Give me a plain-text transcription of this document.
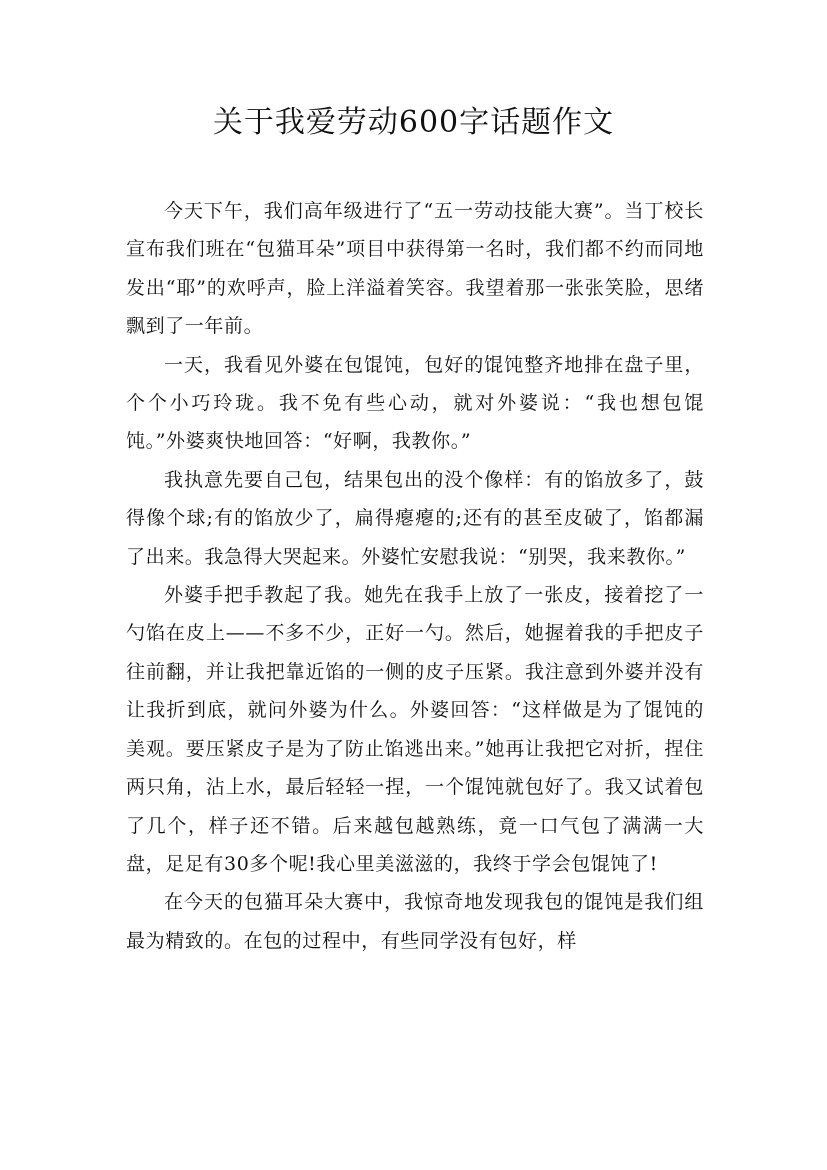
关于我爱劳动600字话题作文

今天下午，我们高年级进行了“五一劳动技能大赛”。当丁校长宣布我们班在“包猫耳朵”项目中获得第一名时，我们都不约而同地发出“耶”的欢呼声，脸上洋溢着笑容。我望着那一张张笑脸，思绪飘到了一年前。

一天，我看见外婆在包馄饨，包好的馄饨整齐地排在盘子里，个个小巧玲珑。我不免有些心动，就对外婆说：“我也想包馄饨。”外婆爽快地回答：“好啊，我教你。”

我执意先要自己包，结果包出的没个像样：有的馅放多了，鼓得像个球;有的馅放少了，扁得瘪瘪的;还有的甚至皮破了，馅都漏了出来。我急得大哭起来。外婆忙安慰我说：“别哭，我来教你。”

外婆手把手教起了我。她先在我手上放了一张皮，接着挖了一勺馅在皮上——不多不少，正好一勺。然后，她握着我的手把皮子往前翻，并让我把靠近馅的一侧的皮子压紧。我注意到外婆并没有让我折到底，就问外婆为什么。外婆回答：“这样做是为了馄饨的美观。要压紧皮子是为了防止馅逃出来。”她再让我把它对折，捏住两只角，沾上水，最后轻轻一捏，一个馄饨就包好了。我又试着包了几个，样子还不错。后来越包越熟练，竟一口气包了满满一大盘，足足有30多个呢!我心里美滋滋的，我终于学会包馄饨了!

在今天的包猫耳朵大赛中，我惊奇地发现我包的馄饨是我们组最为精致的。在包的过程中，有些同学没有包好，样
